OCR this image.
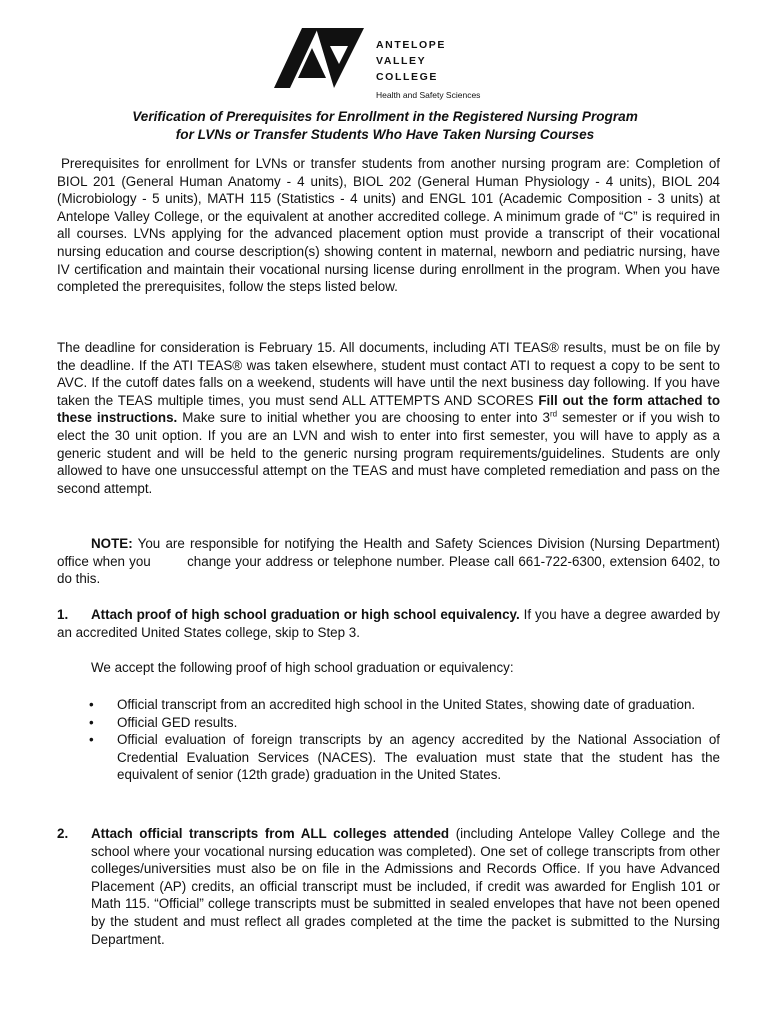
ANTELOPE
VALLEY
COLLEGE
Health and Safety Sciences
Verification of Prerequisites for Enrollment in the Registered Nursing Program
for LVNs or Transfer Students Who Have Taken Nursing Courses

Prerequisites for enrollment for LVNs or transfer students from another nursing program are: Completion of BIOL 201 (General Human Anatomy - 4 units), BIOL 202 (General Human Physiology - 4 units), BIOL 204 (Microbiology - 5 units), MATH 115 (Statistics - 4 units) and ENGL 101 (Academic Composition - 3 units) at Antelope Valley College, or the equivalent at another accredited college. A minimum grade of “C” is required in all courses. LVNs applying for the advanced placement option must provide a transcript of their vocational nursing education and course description(s) showing content in maternal, newborn and pediatric nursing, have IV certification and maintain their vocational nursing license during enrollment in the program. When you have completed the prerequisites, follow the steps listed below.

The deadline for consideration is February 15. All documents, including ATI TEAS® results, must be on file by the deadline. If the ATI TEAS® was taken elsewhere, student must contact ATI to request a copy to be sent to AVC. If the cutoff dates falls on a weekend, students will have until the next business day following. If you have taken the TEAS multiple times, you must send ALL ATTEMPTS AND SCORES Fill out the form attached to these instructions. Make sure to initial whether you are choosing to enter into 3rd semester or if you wish to elect the 30 unit option. If you are an LVN and wish to enter into first semester, you will have to apply as a generic student and will be held to the generic nursing program requirements/guidelines. Students are only allowed to have one unsuccessful attempt on the TEAS and must have completed remediation and pass on the second attempt.

NOTE: You are responsible for notifying the Health and Safety Sciences Division (Nursing Department) office when you  change your address or telephone number. Please call 661-722-6300, extension 6402, to do this.

Attach proof of high school graduation or high school equivalency. If you have a degree awarded by an accredited United States college, skip to Step 3.

1.

We accept the following proof of high school graduation or equivalency:

• Official transcript from an accredited high school in the United States, showing date of graduation.
• Official GED results.
• Official evaluation of foreign transcripts by an agency accredited by the National Association of Credential Evaluation Services (NACES). The evaluation must state that the student has the equivalent of senior (12th grade) graduation in the United States.
2. Attach official transcripts from ALL colleges attended (including Antelope Valley College and the school where your vocational nursing education was completed). One set of college transcripts from other colleges/universities must also be on file in the Admissions and Records Office. If you have Advanced Placement (AP) credits, an official transcript must be included, if credit was awarded for English 101 or Math 115. “Official” college transcripts must be submitted in sealed envelopes that have not been opened by the student and must reflect all grades completed at the time the packet is submitted to the Nursing Department.
